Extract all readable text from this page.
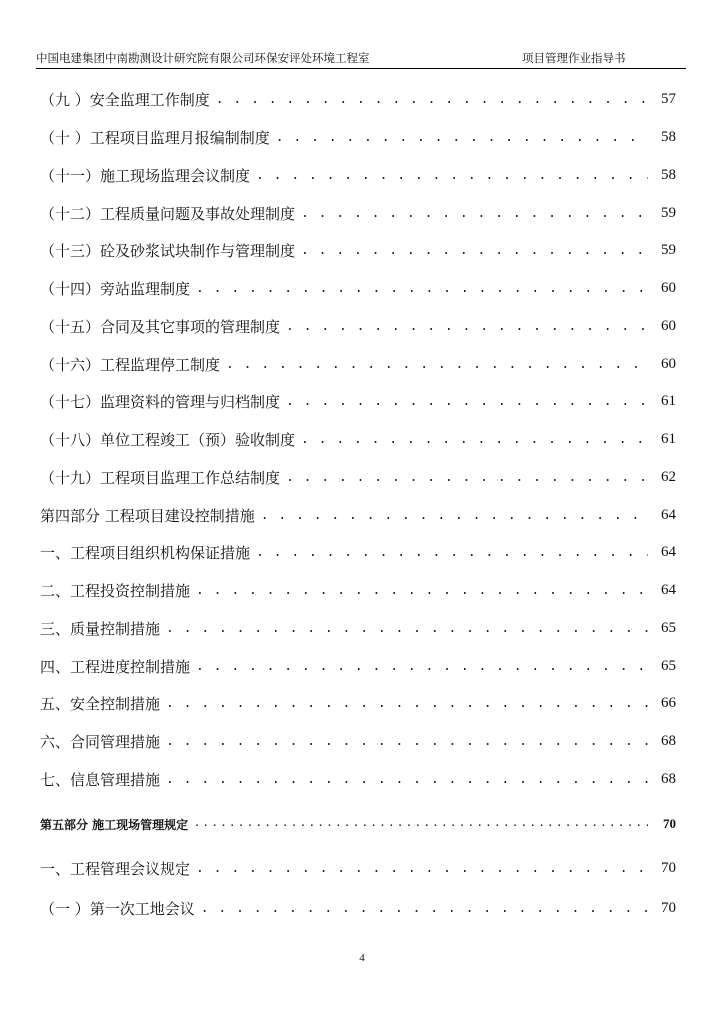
中国电建集团中南勘测设计研究院有限公司环保安评处环境工程室	项目管理作业指导书
（九 ）安全监理工作制度 . . .	57
（十 ）工程项目监理月报编制制度 . . .	58
（十一）施工现场监理会议制度 . . .	58
（十二）工程质量问题及事故处理制度 . . .	59
（十三）砼及砂浆试块制作与管理制度 . . .	59
（十四）旁站监理制度 . . .	60
（十五）合同及其它事项的管理制度 . . .	60
（十六）工程监理停工制度 . . .	60
（十七）监理资料的管理与归档制度 . . .	61
（十八）单位工程竣工（预）验收制度 . . .	61
（十九）工程项目监理工作总结制度 . . .	62
第四部分 工程项目建设控制措施 . . .	64
一、工程项目组织机构保证措施 . . .	64
二、工程投资控制措施 . . .	64
三、质量控制措施 . . .	65
四、工程进度控制措施 . . .	65
五、安全控制措施 . . .	66
六、合同管理措施 . . .	68
七、信息管理措施 . . .	68
第五部分 施工现场管理规定 . . .	70
一、工程管理会议规定 . . .	70
（一 ）第一次工地会议 . . .	70
4
